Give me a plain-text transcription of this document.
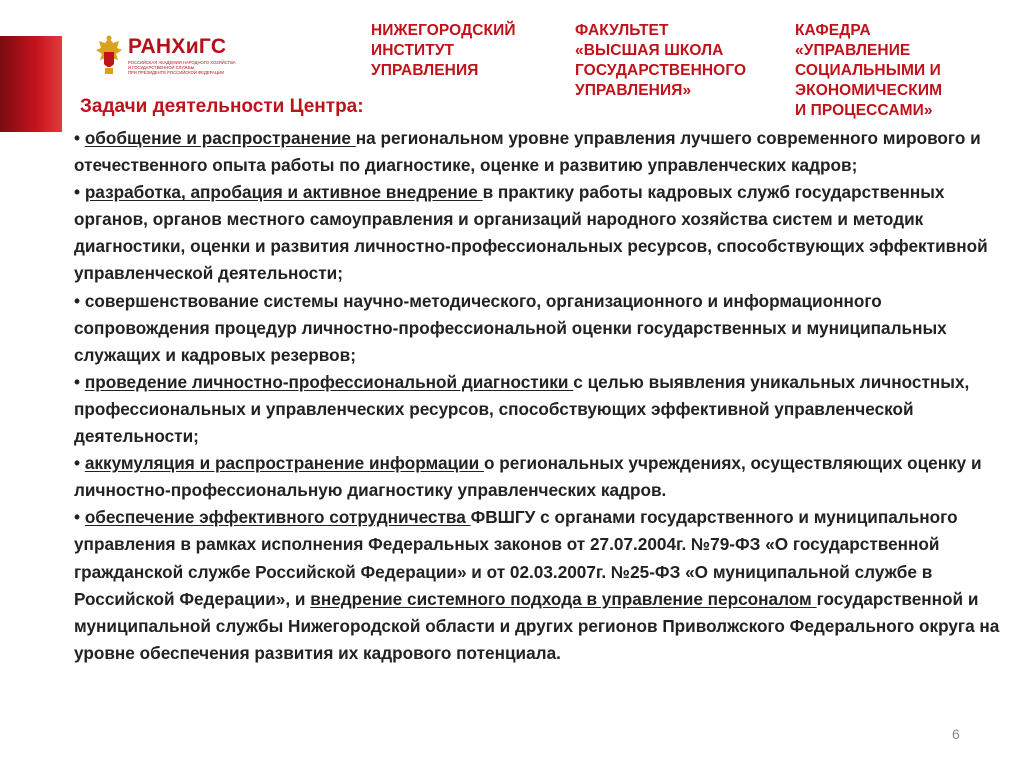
РАНХиГС
РОССИЙСКАЯ АКАДЕМИЯ НАРОДНОГО ХОЗЯЙСТВА
И ГОСУДАРСТВЕННОЙ СЛУЖБЫ
ПРИ ПРЕЗИДЕНТЕ РОССИЙСКОЙ ФЕДЕРАЦИИ
НИЖЕГОРОДСКИЙ
ИНСТИТУТ
УПРАВЛЕНИЯ
ФАКУЛЬТЕТ
«ВЫСШАЯ ШКОЛА
ГОСУДАРСТВЕННОГО
УПРАВЛЕНИЯ»
КАФЕДРА
«УПРАВЛЕНИЕ
СОЦИАЛЬНЫМИ И
ЭКОНОМИЧЕСКИМ
И ПРОЦЕССАМИ»
Задачи деятельности Центра:

• обобщение и распространение на региональном уровне управления лучшего современного мирового и отечественного опыта работы по диагностике, оценке и развитию управленческих кадров;

• разработка, апробация и активное внедрение в практику работы кадровых служб государственных органов, органов местного самоуправления и организаций народного хозяйства систем и методик диагностики, оценки и развития личностно-профессиональных ресурсов, способствующих эффективной управленческой деятельности;

• совершенствование системы научно-методического, организационного и информационного сопровождения процедур личностно-профессиональной оценки государственных и муниципальных служащих и кадровых резервов;

• проведение личностно-профессиональной диагностики с целью выявления уникальных личностных, профессиональных и управленческих ресурсов, способствующих эффективной управленческой деятельности;

• аккумуляция и распространение информации о региональных учреждениях, осуществляющих оценку и личностно-профессиональную диагностику управленческих кадров.

• обеспечение эффективного сотрудничества ФВШГУ с органами государственного и муниципального управления в рамках исполнения Федеральных законов от 27.07.2004г. №79-ФЗ «О государственной гражданской службе Российской Федерации» и от 02.03.2007г. №25-ФЗ «О муниципальной службе в Российской Федерации», и внедрение системного подхода в управление персоналом государственной и муниципальной службы Нижегородской области и других регионов Приволжского Федерального округа на уровне обеспечения развития их кадрового потенциала.

6
